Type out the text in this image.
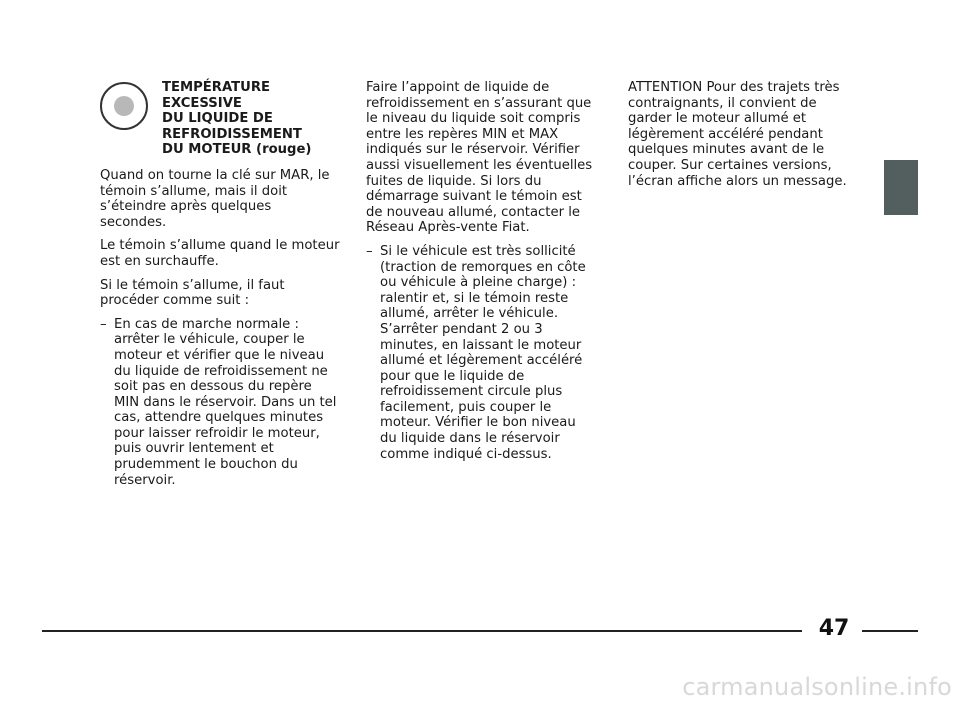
TEMPÉRATURE
EXCESSIVE
DU LIQUIDE DE
REFROIDISSEMENT
DU MOTEUR (rouge)

Quand on tourne la clé sur MAR, le témoin s’allume, mais il doit s’éteindre après quelques secondes.

Le témoin s’allume quand le moteur est en surchauffe.

Si le témoin s’allume, il faut procéder comme suit :

– En cas de marche normale : arrêter le véhicule, couper le moteur et vérifier que le niveau du liquide de refroidissement ne soit pas en dessous du repère MIN dans le réservoir. Dans un tel cas, attendre quelques minutes pour laisser refroidir le moteur, puis ouvrir lentement et prudemment le bouchon du réservoir.

Faire l’appoint de liquide de refroidissement en s’assurant que le niveau du liquide soit compris entre les repères MIN et MAX indiqués sur le réservoir. Vérifier aussi visuellement les éventuelles fuites de liquide. Si lors du démarrage suivant le témoin est de nouveau allumé, contacter le Réseau Après-vente Fiat.

– Si le véhicule est très sollicité (traction de remorques en côte ou véhicule à pleine charge) : ralentir et, si le témoin reste allumé, arrêter le véhicule. S’arrêter pendant 2 ou 3 minutes, en laissant le moteur allumé et légèrement accéléré pour que le liquide de refroidissement circule plus facilement, puis couper le moteur. Vérifier le bon niveau du liquide dans le réservoir comme indiqué ci-dessus.

ATTENTION Pour des trajets très contraignants, il convient de garder le moteur allumé et légèrement accéléré pendant quelques minutes avant de le couper. Sur certaines versions, l’écran affiche alors un message.

47
carmanualsonline.info
